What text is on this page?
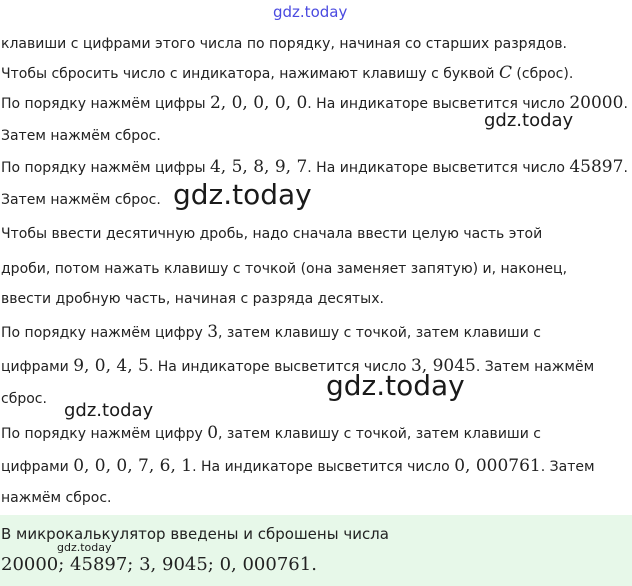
gdz.today
клавиши с цифрами этого числа по порядку, начиная со старших разрядов.
Чтобы сбросить число с индикатора, нажимают клавишу с буквой C (сброс).
По порядку нажмём цифры 2, 0, 0, 0, 0. На индикаторе высветится число 20000.
Затем нажмём сброс.
По порядку нажмём цифры 4, 5, 8, 9, 7. На индикаторе высветится число 45897.
Затем нажмём сброс.
Чтобы ввести десятичную дробь, надо сначала ввести целую часть этой
дроби, потом нажать клавишу с точкой (она заменяет запятую) и, наконец,
ввести дробную часть, начиная с разряда десятых.
По порядку нажмём цифру 3, затем клавишу с точкой, затем клавиши с
цифрами 9, 0, 4, 5. На индикаторе высветится число 3, 9045. Затем нажмём
сброс.
По порядку нажмём цифру 0, затем клавишу с точкой, затем клавиши с
цифрами 0, 0, 0, 7, 6, 1. На индикаторе высветится число 0, 000761. Затем
нажмём сброс.
В микрокалькулятор введены и сброшены числа
20000; 45897; 3, 9045; 0, 000761.
gdz.today
gdz.today
gdz.today
gdz.today
gdz.today
